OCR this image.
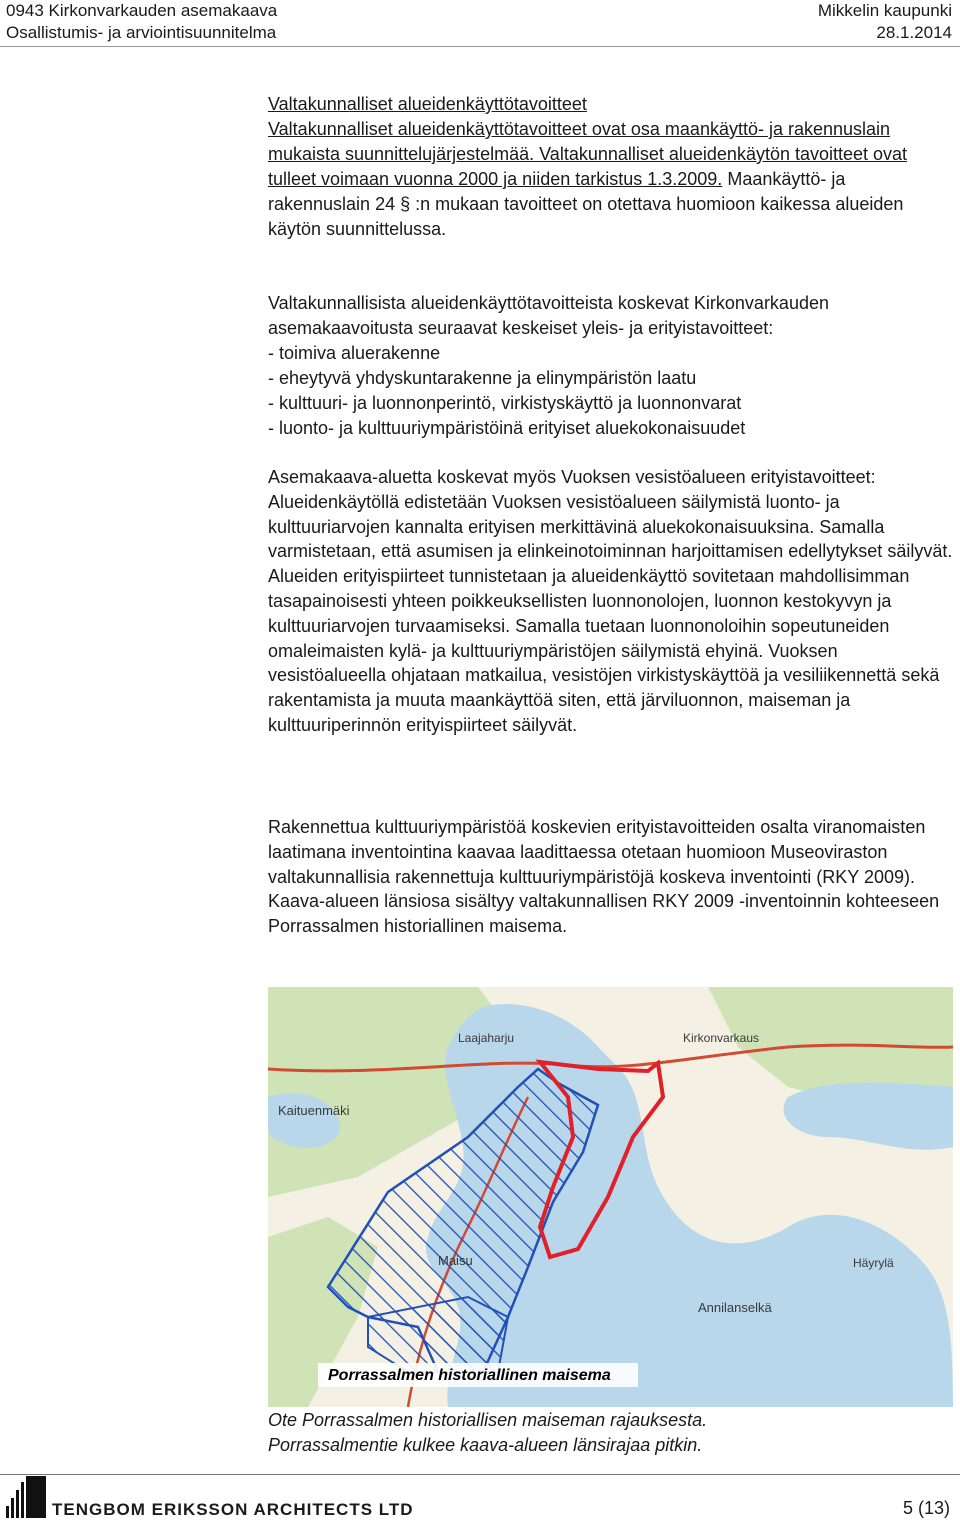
0943 Kirkonvarkauden asemakaava
Osallistumis- ja arviointisuunnitelma
Mikkelin kaupunki
28.1.2014

Valtakunnalliset alueidenkäyttötavoitteet

Valtakunnalliset alueidenkäyttötavoitteet ovat osa maankäyttö- ja rakennuslain mukaista suunnittelujärjestelmää. Valtakunnalliset alueidenkäytön tavoitteet ovat tulleet voimaan vuonna 2000 ja niiden tarkistus 1.3.2009. Maankäyttö- ja rakennuslain 24 § :n mukaan tavoitteet on otettava huomioon kaikessa alueiden käytön suunnittelussa.

Valtakunnallisista alueidenkäyttötavoitteista koskevat Kirkonvarkauden asemakaavoitusta seuraavat keskeiset yleis- ja erityistavoitteet:

- toimiva aluerakenne

- eheytyvä yhdyskuntarakenne ja elinympäristön laatu

- kulttuuri- ja luonnonperintö, virkistyskäyttö ja luonnonvarat

- luonto- ja kulttuuriympäristöinä erityiset aluekokonaisuudet

Asemakaava-aluetta koskevat myös Vuoksen vesistöalueen erityistavoitteet:

Alueidenkäytöllä edistetään Vuoksen vesistöalueen säilymistä luonto- ja kulttuuriarvojen kannalta erityisen merkittävinä aluekokonaisuuksina. Samalla varmistetaan, että asumisen ja elinkeinotoiminnan harjoittamisen edellytykset säilyvät. Alueiden erityispiirteet tunnistetaan ja alueidenkäyttö sovitetaan mahdollisimman tasapainoisesti yhteen poikkeuksellisten luonnonolojen, luonnon kestokyvyn ja kulttuuriarvojen turvaamiseksi. Samalla tuetaan luonnonoloihin sopeutuneiden omaleimaisten kylä- ja kulttuuriympäristöjen säilymistä ehyinä. Vuoksen vesistöalueella ohjataan matkailua, vesistöjen virkistyskäyttöä ja vesiliikennettä sekä rakentamista ja muuta maankäyttöä siten, että järviluonnon, maiseman ja kulttuuriperinnön erityispiirteet säilyvät.

Rakennettua kulttuuriympäristöä koskevien erityistavoitteiden osalta viranomaisten laatimana inventointina kaavaa laadittaessa otetaan huomioon Museoviraston valtakunnallisia rakennettuja kulttuuriympäristöjä koskeva inventointi (RKY 2009). Kaava-alueen länsiosa sisältyy valtakunnallisen RKY 2009 -inventoinnin kohteeseen Porrassalmen historiallinen maisema.

Laajaharju
Kaituenmäki
Maisu
Annilanselkä
Häyrylä
Kirkonvarkaus
Porrassalmen historiallinen maisema
Ote Porrassalmen historiallisen maiseman rajauksesta.
Porrassalmentie kulkee kaava-alueen länsirajaa pitkin.
TENGBOM ERIKSSON ARCHITECTS LTD	5 (13)
